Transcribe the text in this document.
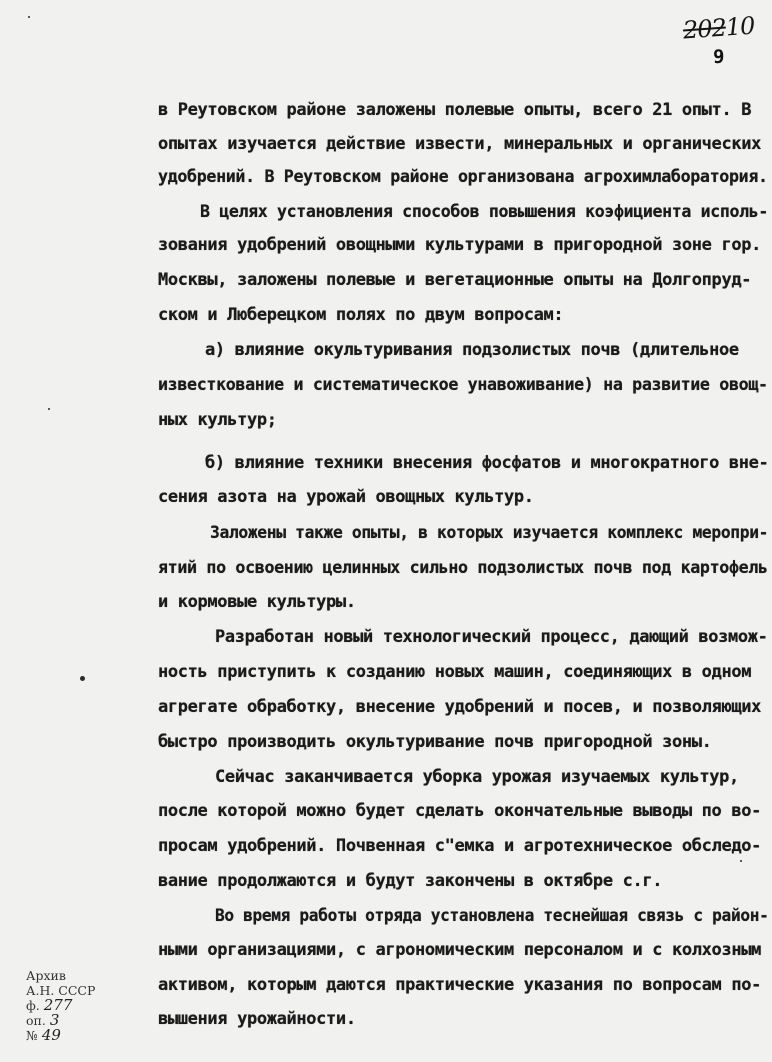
20210
9
в Реутовском районе заложены полевые опыты, всего 21 опыт. В
опытах изучается действие извести, минеральных и органических
удобрений. В Реутовском районе организована агрохимлаборатория.
В целях установления способов повышения коэфициента исполь-
зования удобрений овощными культурами в пригородной зоне гор.
Москвы, заложены полевые и вегетационные опыты на Долгопруд-
ском и Люберецком полях по двум вопросам:
а) влияние окультуривания подзолистых почв (длительное
известкование и систематическое унавоживание) на развитие овощ-
ных культур;
б) влияние техники внесения фосфатов и многократного вне-
сения азота на урожай овощных культур.
Заложены также опыты, в которых изучается комплекс меропри-
ятий по освоению целинных сильно подзолистых почв под картофель
и кормовые культуры.
Разработан новый технологический процесс, дающий возмож-
ность приступить к созданию новых машин, соединяющих в одном
агрегате обработку, внесение удобрений и посев, и позволяющих
быстро производить окультуривание почв пригородной зоны.
Сейчас заканчивается уборка урожая изучаемых культур,
после которой можно будет сделать окончательные выводы по во-
просам удобрений. Почвенная с"емка и агротехническое обследо-
вание продолжаются и будут закончены в октябре с.г.
Во время работы отряда установлена теснейшая связь с район-
ными организациями, с агрономическим персоналом и с колхозным
активом, которым даются практические указания по вопросам по-
вышения урожайности.
Архив
А.Н. СССР
ф. 277
оп. 3
№ 49
